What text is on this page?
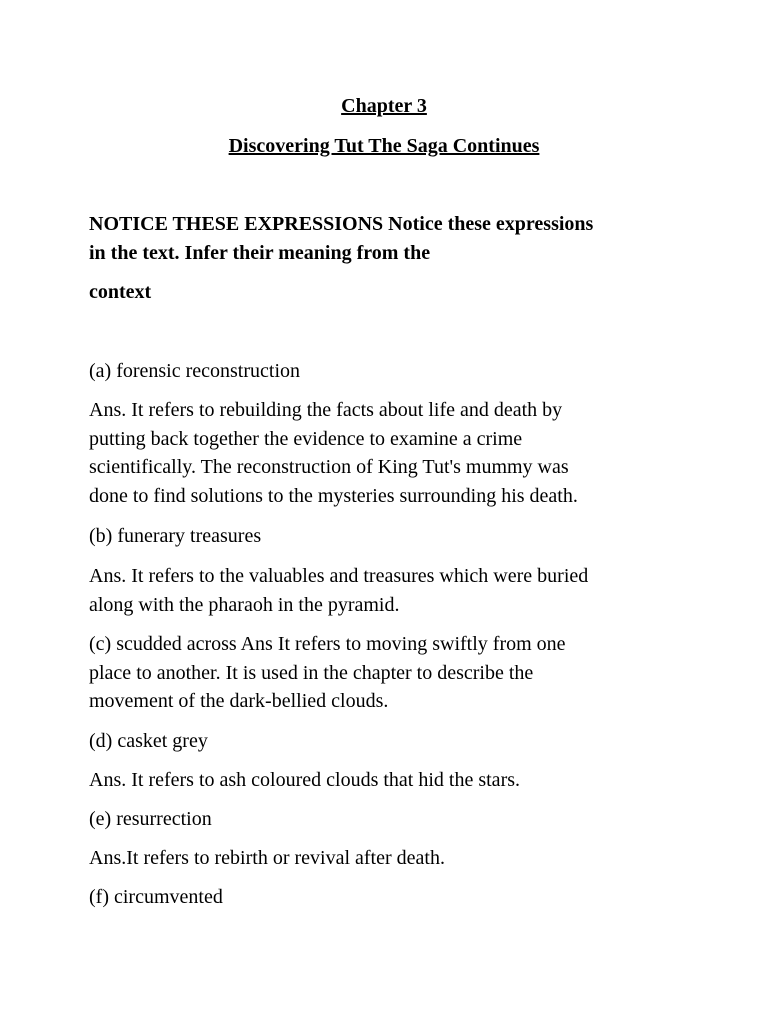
Chapter 3
Discovering Tut The Saga Continues
NOTICE THESE EXPRESSIONS Notice these expressions
in the text. Infer their meaning from the
context
(a) forensic reconstruction
Ans. It refers to rebuilding the facts about life and death by
putting back together the evidence to examine a crime
scientifically. The reconstruction of King Tut's mummy was
done to find solutions to the mysteries surrounding his death.
(b) funerary treasures
Ans. It refers to the valuables and treasures which were buried
along with the pharaoh in the pyramid.
(c) scudded across Ans It refers to moving swiftly from one
place to another. It is used in the chapter to describe the
movement of the dark-bellied clouds.
(d) casket grey
Ans. It refers to ash coloured clouds that hid the stars.
(e) resurrection
Ans.It refers to rebirth or revival after death.
(f) circumvented
